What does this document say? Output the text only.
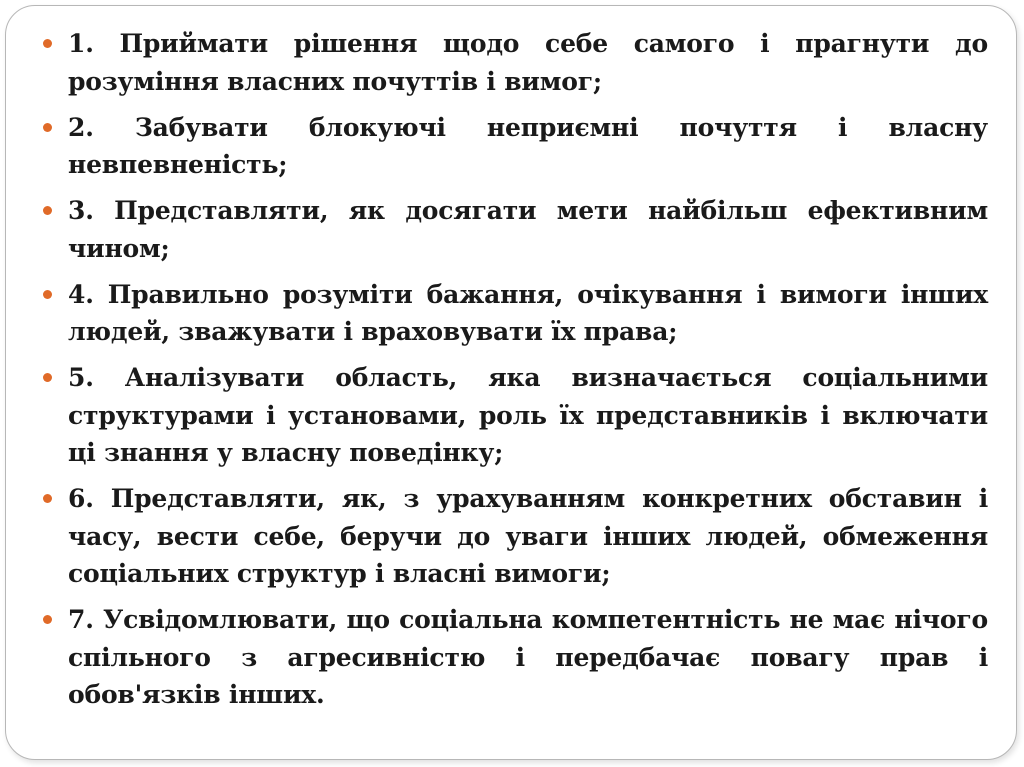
1. Приймати рішення щодо себе самого і прагнути до розуміння власних почуттів і вимог;
2. Забувати блокуючі неприємні почуття і власну невпевненість;
3. Представляти, як досягати мети найбільш ефективним чином;
4. Правильно розуміти бажання, очікування і вимоги інших людей, зважувати і враховувати їх права;
5. Аналізувати область, яка визначається соціальними структурами і установами, роль їх представників і включати ці знання у власну поведінку;
6. Представляти, як, з урахуванням конкретних обставин і часу, вести себе, беручи до уваги інших людей, обмеження соціальних структур і власні вимоги;
7. Усвідомлювати, що соціальна компетентність не має нічого спільного з агресивністю і передбачає повагу прав і обов'язків інших.
